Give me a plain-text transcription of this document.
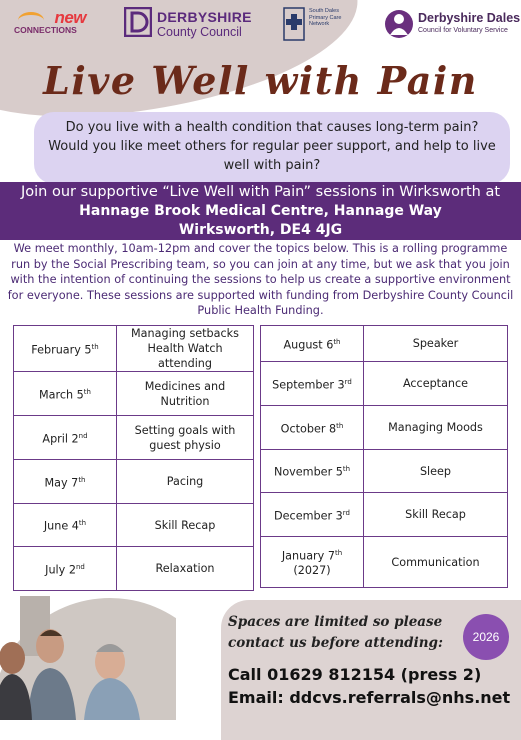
new
CONNECTIONS
DERBYSHIRE
County Council
South Dales Primary Care Network	Derbyshire Dales
Council for Voluntary Service
Live Well with Pain
Do you live with a health condition that causes long-term pain? Would you like meet others for regular peer support, and help to live well with pain?
Join our supportive “Live Well with Pain” sessions in Wirksworth at
Hannage Brook Medical Centre, Hannage Way
Wirksworth, DE4 4JG
We meet monthly, 10am-12pm and cover the topics below. This is a rolling programme run by the Social Prescribing team, so you can join at any time, but we ask that you join with the intention of continuing the sessions to help us create a supportive environment for everyone. These sessions are supported with funding from Derbyshire County Council Public Health Funding.
February 5th	Managing setbacks Health Watch attending
March 5th	Medicines and Nutrition
April 2nd	Setting goals with guest physio
May 7th	Pacing
June 4th	Skill Recap
July 2nd	Relaxation
August 6th	Speaker
September 3rd	Acceptance
October 8th	Managing Moods
November 5th	Sleep
December 3rd	Skill Recap
January 7th
(2027)	Communication
Spaces are limited so please contact us before attending:
Call 01629 812154 (press 2)
Email: ddcvs.referrals@nhs.net
2026
